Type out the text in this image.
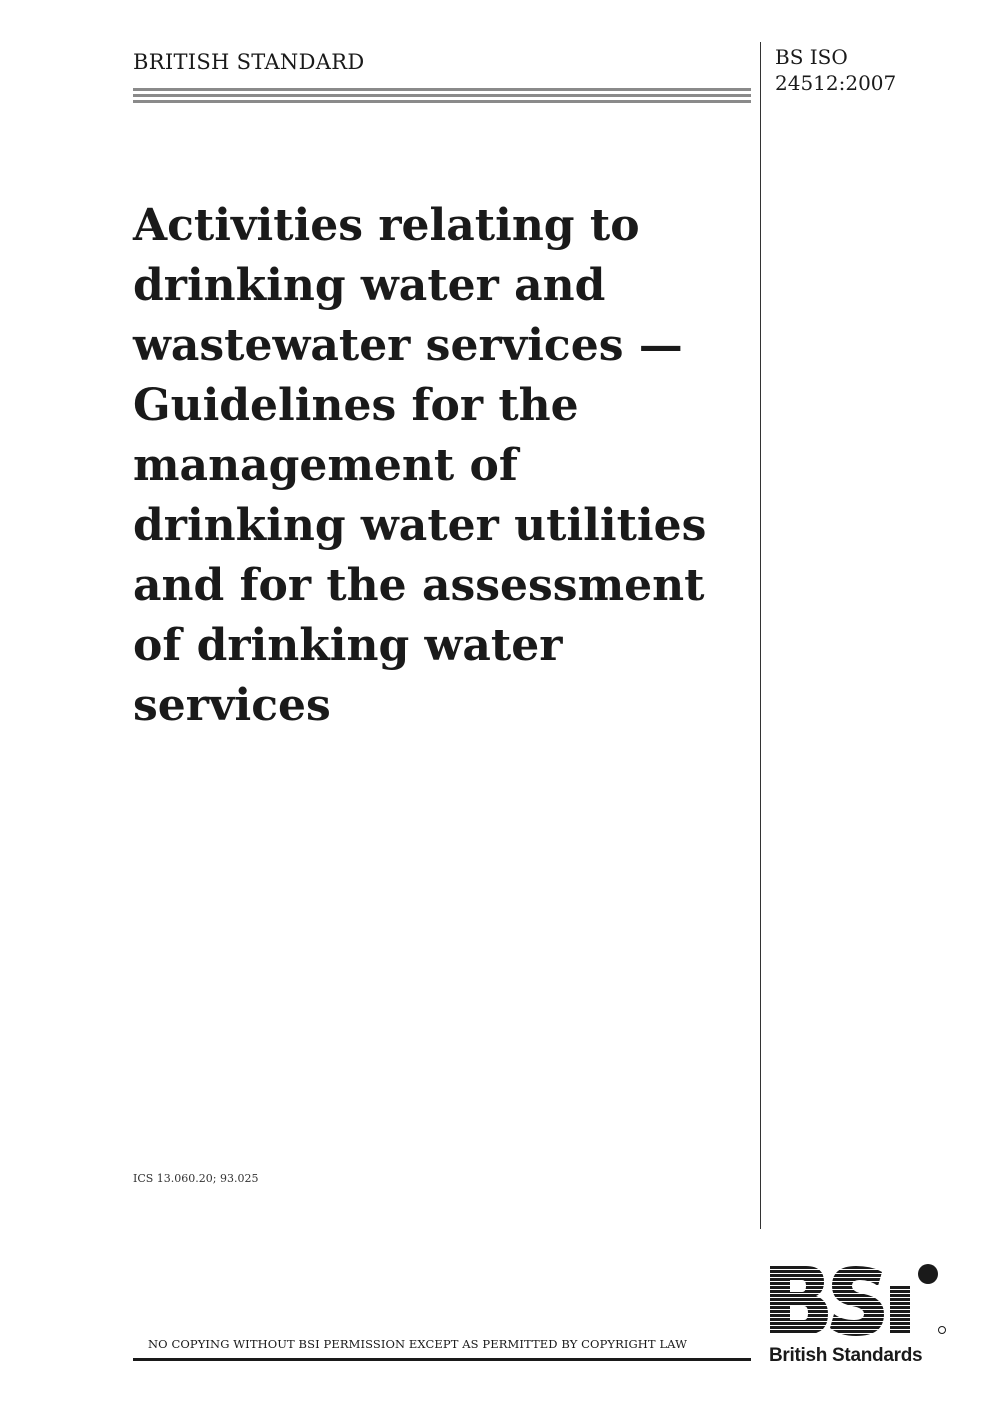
BRITISH STANDARD	BS ISO
24512:2007
Activities relating to
drinking water and
wastewater services —
Guidelines for the
management of
drinking water utilities
and for the assessment
of drinking water
services
ICS 13.060.20; 93.025
NO COPYING WITHOUT BSI PERMISSION EXCEPT AS PERMITTED BY COPYRIGHT LAW
British Standards
